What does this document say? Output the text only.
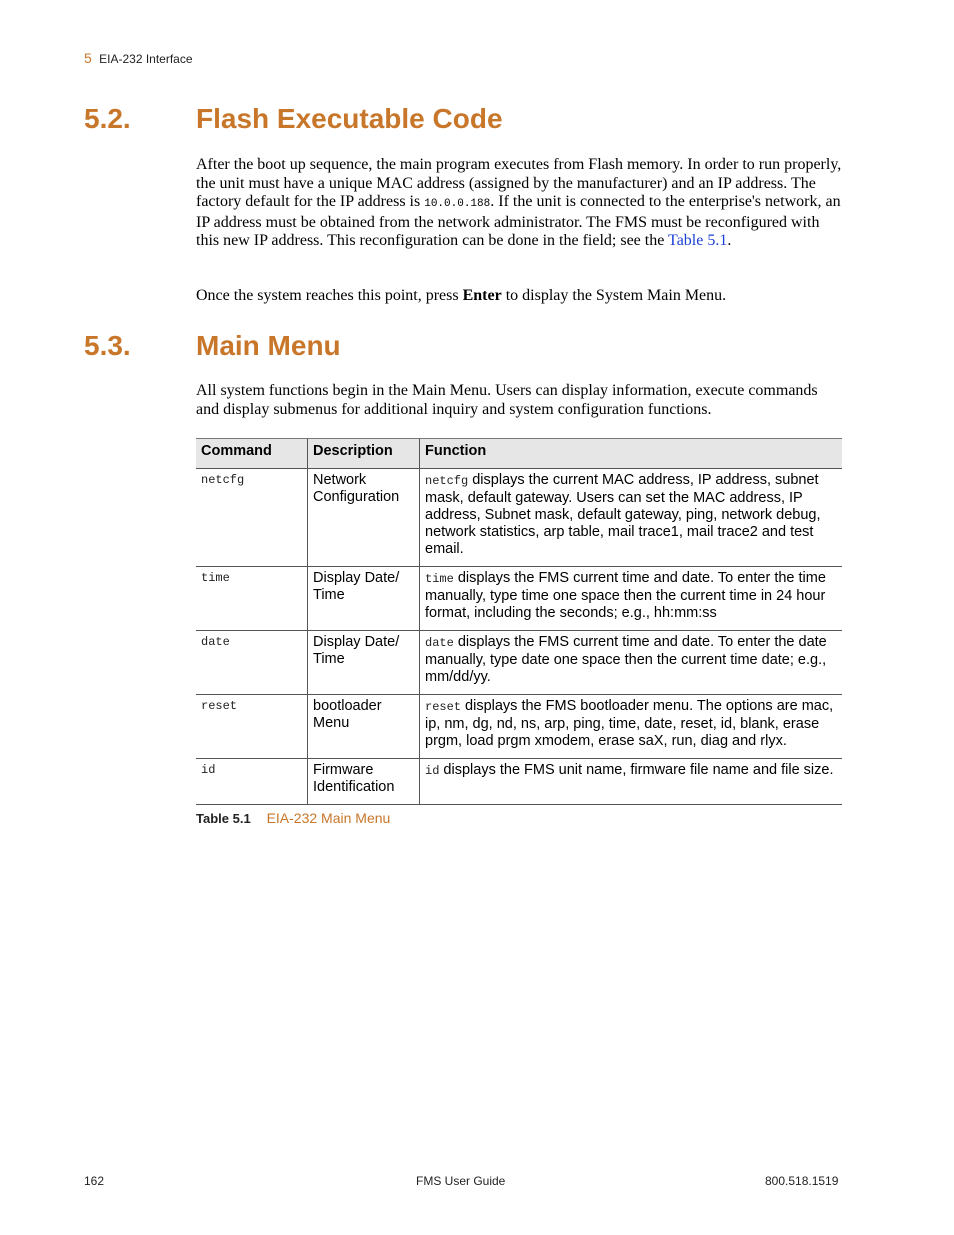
5 EIA-232 Interface
5.2. Flash Executable Code
After the boot up sequence, the main program executes from Flash memory. In order to run properly, the unit must have a unique MAC address (assigned by the manufacturer) and an IP address. The factory default for the IP address is 10.0.0.188. If the unit is connected to the enterprise's network, an IP address must be obtained from the network administrator. The FMS must be reconfigured with this new IP address. This reconfiguration can be done in the field; see the Table 5.1.
Once the system reaches this point, press Enter to display the System Main Menu.
5.3. Main Menu
All system functions begin in the Main Menu. Users can display information, execute commands and display submenus for additional inquiry and system configuration functions.
Command	Description	Function
netcfg	Network Configuration	netcfg displays the current MAC address, IP address, subnet mask, default gateway. Users can set the MAC address, IP address, Subnet mask, default gateway, ping, network debug, network statistics, arp table, mail trace1, mail trace2 and test email.
time	Display Date/ Time	time displays the FMS current time and date. To enter the time manually, type time one space then the current time in 24 hour format, including the seconds; e.g., hh:mm:ss
date	Display Date/ Time	date displays the FMS current time and date. To enter the date manually, type date one space then the current time date; e.g., mm/dd/yy.
reset	bootloader Menu	reset displays the FMS bootloader menu. The options are mac, ip, nm, dg, nd, ns, arp, ping, time, date, reset, id, blank, erase prgm, load prgm xmodem, erase saX, run, diag and rlyx.
id	Firmware Identification	id displays the FMS unit name, firmware file name and file size.
Table 5.1 EIA-232 Main Menu
162	FMS User Guide	800.518.1519
